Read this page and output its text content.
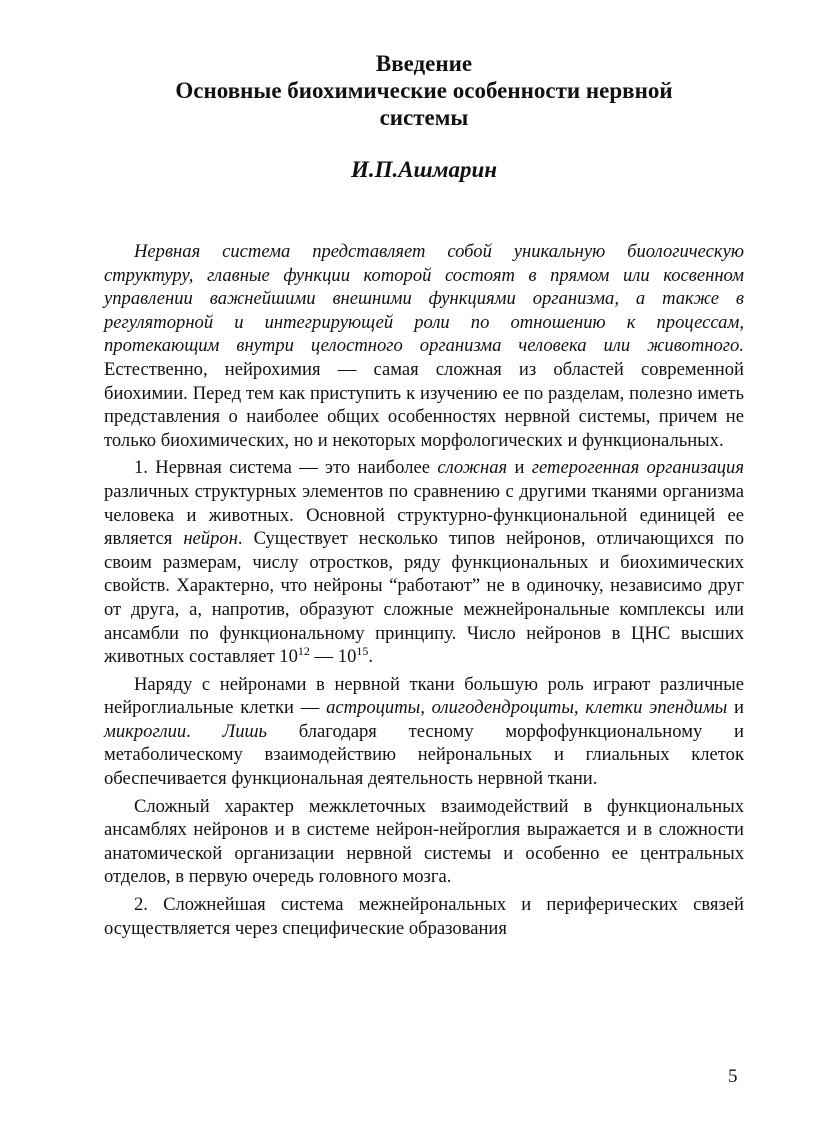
Введение

Основные биохимические особенности нервной

системы

И.П.Ашмарин

Нервная система представляет собой уникальную биологическую структуру, главные функции которой состоят в прямом или косвенном управлении важнейшими внешними функциями организма, а также в регуляторной и интегрирующей роли по отношению к процессам, протекающим внутри целостного организма человека или животного. Естественно, нейрохимия — самая сложная из областей современной биохимии. Перед тем как приступить к изучению ее по разделам, полезно иметь представления о наиболее общих особенностях нервной системы, причем не только биохимических, но и некоторых морфологических и функциональных.

1. Нервная система — это наиболее сложная и гетерогенная организация различных структурных элементов по сравнению с другими тканями организма человека и животных. Основной структурно-функциональной единицей ее является нейрон. Существует несколько типов нейронов, отличающихся по своим размерам, числу отростков, ряду функциональных и биохимических свойств. Характерно, что нейроны “работают” не в одиночку, независимо друг от друга, а, напротив, образуют сложные межнейрональные комплексы или ансамбли по функциональному принципу. Число нейронов в ЦНС высших животных составляет $10^{12}$ — $10^{15}$.

Наряду с нейронами в нервной ткани большую роль играют различные нейроглиальные клетки — астроциты, олигодендроциты, клетки эпендимы и микроглии. Лишь благодаря тесному морфофункциональному и метаболическому взаимодействию нейрональных и глиальных клеток обеспечивается функциональная деятельность нервной ткани.

Сложный характер межклеточных взаимодействий в функциональных ансамблях нейронов и в системе нейрон-нейроглия выражается и в сложности анатомической организации нервной системы и особенно ее центральных отделов, в первую очередь головного мозга.

2. Сложнейшая система межнейрональных и периферических связей осуществляется через специфические образования

5
